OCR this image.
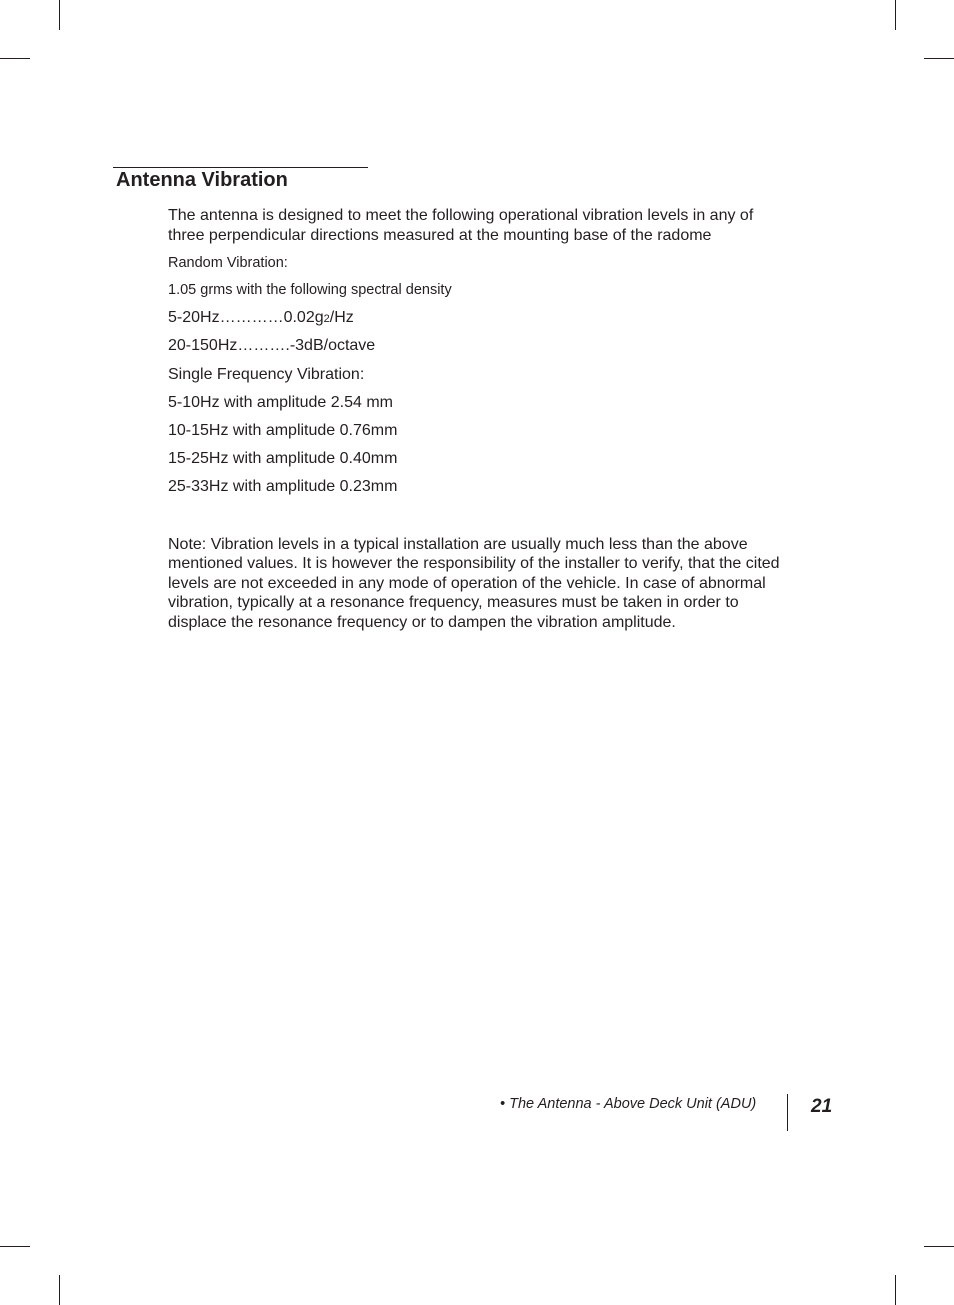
Antenna Vibration

The antenna is designed to meet the following operational vibration levels in any of three perpendicular directions measured at the mounting base of the radome

Random Vibration:

1.05 grms with the following spectral density

5-20Hz…………0.02g2/Hz

20-150Hz……….-3dB/octave

Single Frequency Vibration:

5-10Hz with amplitude 2.54 mm

10-15Hz with amplitude 0.76mm

15-25Hz with amplitude 0.40mm

25-33Hz with amplitude 0.23mm

Note: Vibration levels in a typical installation are usually much less than the above mentioned values. It is however the responsibility of the installer to verify, that the cited levels are not exceeded in any mode of operation of the vehicle. In case of abnormal vibration, typically at a resonance frequency, measures must be taken in order to displace the resonance frequency or to dampen the vibration amplitude.

• The Antenna - Above Deck Unit (ADU)	21
